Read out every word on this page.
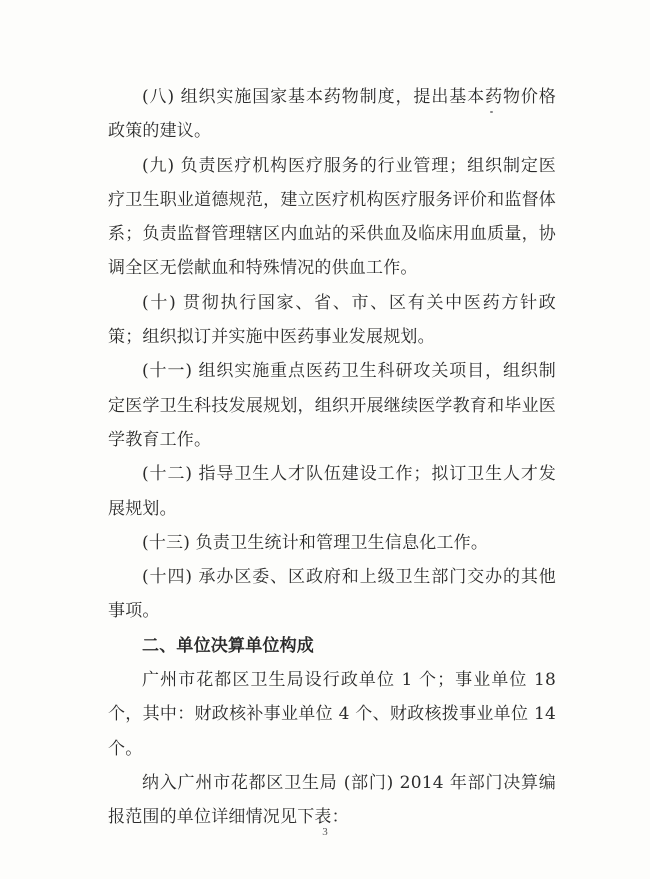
(八) 组织实施国家基本药物制度，提出基本药物价格政策的建议。

(九) 负责医疗机构医疗服务的行业管理；组织制定医疗卫生职业道德规范，建立医疗机构医疗服务评价和监督体系；负责监督管理辖区内血站的采供血及临床用血质量，协调全区无偿献血和特殊情况的供血工作。

(十) 贯彻执行国家、省、市、区有关中医药方针政策；组织拟订并实施中医药事业发展规划。

(十一) 组织实施重点医药卫生科研攻关项目，组织制定医学卫生科技发展规划，组织开展继续医学教育和毕业医学教育工作。

(十二) 指导卫生人才队伍建设工作；拟订卫生人才发展规划。

(十三) 负责卫生统计和管理卫生信息化工作。

(十四) 承办区委、区政府和上级卫生部门交办的其他事项。

二、单位决算单位构成

广州市花都区卫生局设行政单位 1 个；事业单位 18 个，其中：财政核补事业单位 4 个、财政核拨事业单位 14 个。

纳入广州市花都区卫生局 (部门) 2014 年部门决算编报范围的单位详细情况见下表：

3
